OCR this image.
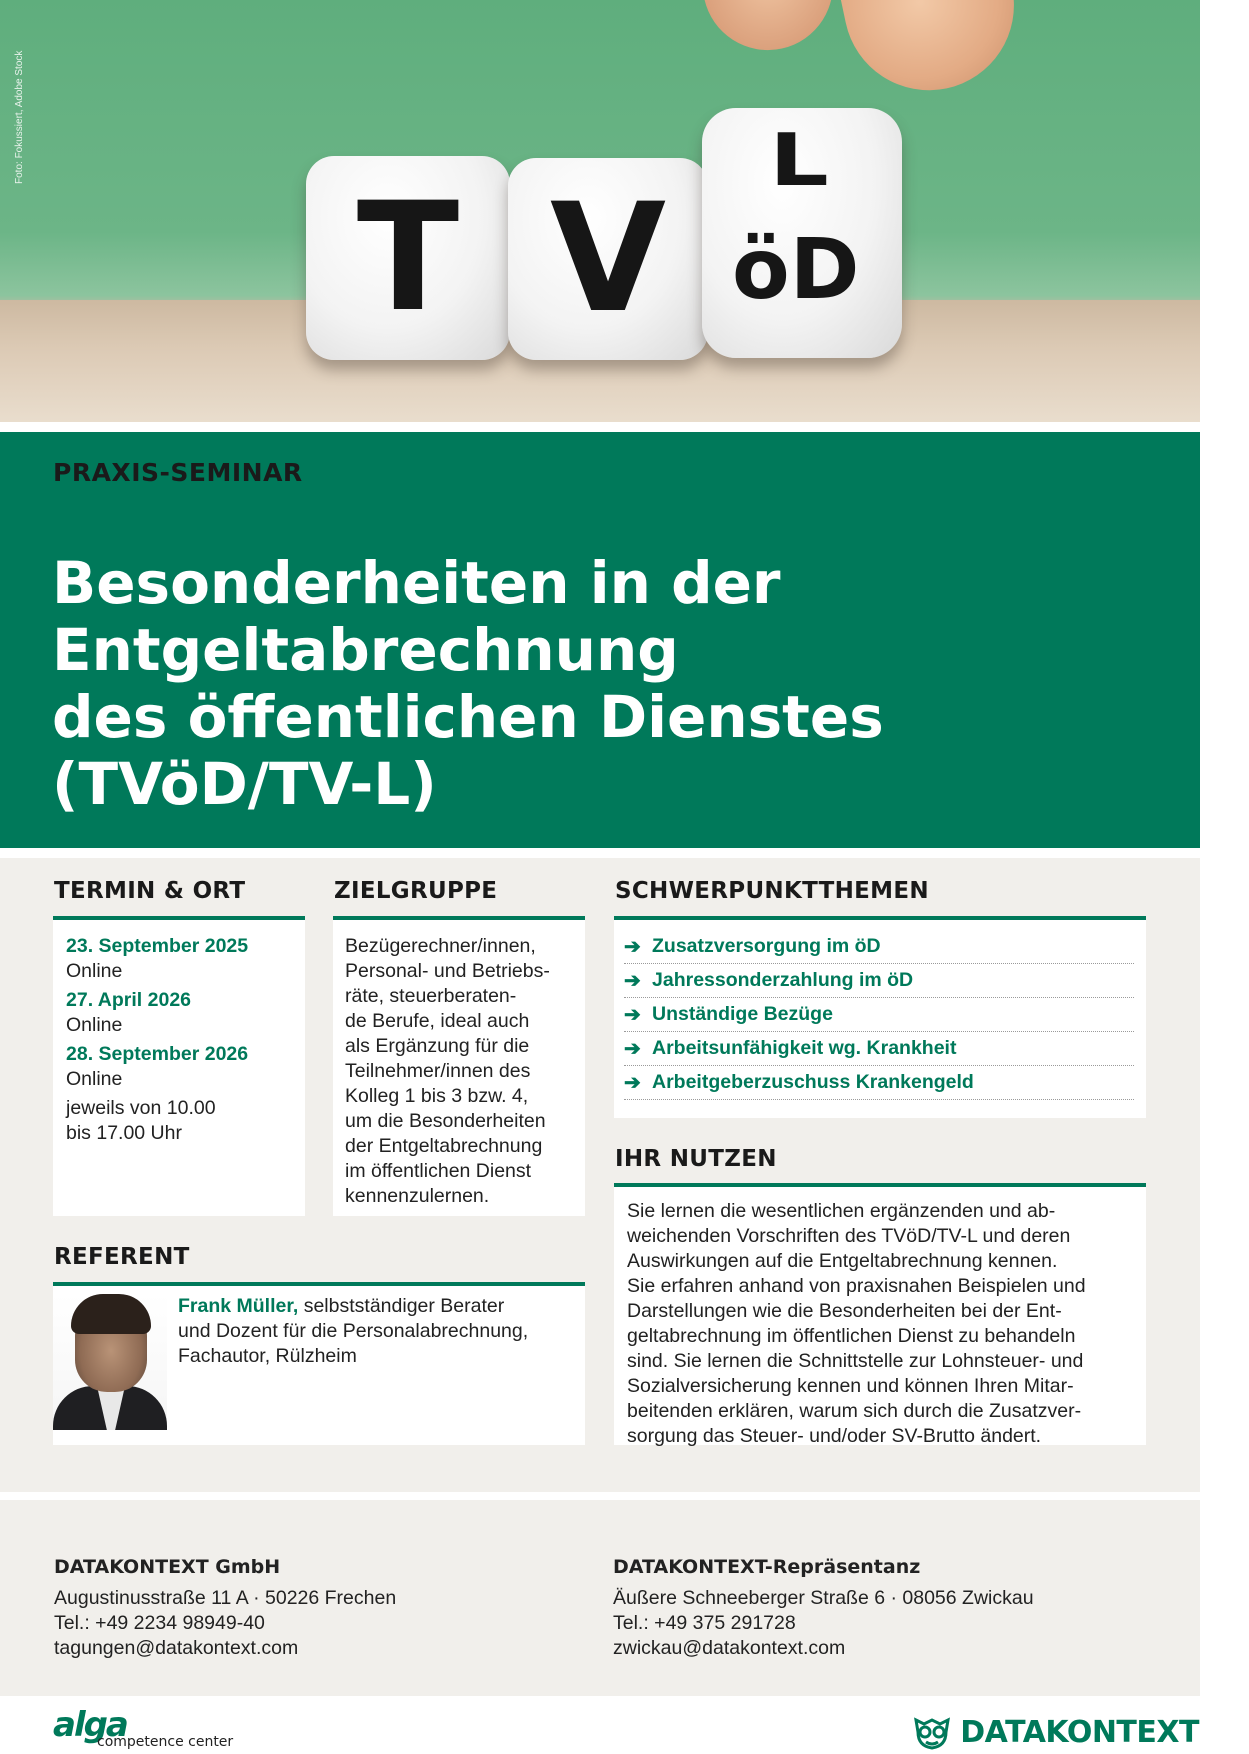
T V
L
öD
Foto: Fokussiert, Adobe Stock
PRAXIS-SEMINAR
Besonderheiten in der
Entgeltabrechnung
des öffentlichen Dienstes
(TVöD/TV-L)
TERMIN & ORT
23. September 2025
Online
27. April 2026
Online
28. September 2026
Online
jeweils von 10.00
bis 17.00 Uhr
ZIELGRUPPE
Bezügerechner/innen,
Personal- und Betriebs-
räte, steuerberaten-
de Berufe, ideal auch
als Ergänzung für die
Teilnehmer/innen des
Kolleg 1 bis 3 bzw. 4,
um die Besonderheiten
der Entgeltabrechnung
im öffentlichen Dienst
kennenzulernen.
SCHWERPUNKTTHEMEN
➔ Zusatzversorgung im öD
➔ Jahressonderzahlung im öD
➔ Unständige Bezüge
➔ Arbeitsunfähigkeit wg. Krankheit
➔ Arbeitgeberzuschuss Krankengeld
IHR NUTZEN
Sie lernen die wesentlichen ergänzenden und ab-
weichenden Vorschriften des TVöD/TV-L und deren
Auswirkungen auf die Entgeltabrechnung kennen.
Sie erfahren anhand von praxisnahen Beispielen und
Darstellungen wie die Besonderheiten bei der Ent-
geltabrechnung im öffentlichen Dienst zu behandeln
sind. Sie lernen die Schnittstelle zur Lohnsteuer- und
Sozialversicherung kennen und können Ihren Mitar-
beitenden erklären, warum sich durch die Zusatzver-
sorgung das Steuer- und/oder SV-Brutto ändert.
REFERENT
Frank Müller, selbstständiger Berater
und Dozent für die Personalabrechnung,
Fachautor, Rülzheim
DATAKONTEXT GmbH
Augustinusstraße 11 A · 50226 Frechen
Tel.: +49 2234 98949-40
tagungen@datakontext.com
DATAKONTEXT-Repräsentanz
Äußere Schneeberger Straße 6 · 08056 Zwickau
Tel.: +49 375 291728
zwickau@datakontext.com
alga
competence center	DATAKONTEXT
